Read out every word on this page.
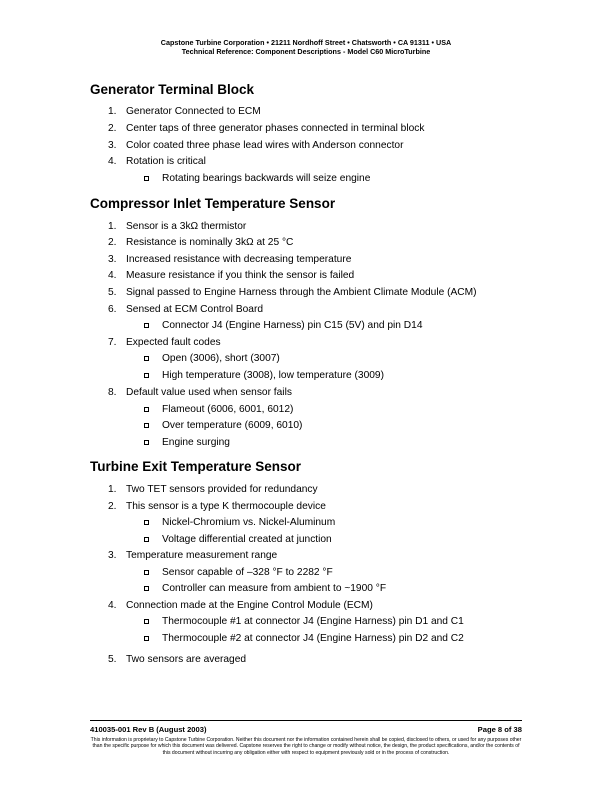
Capstone Turbine Corporation • 21211 Nordhoff Street • Chatsworth • CA 91311 • USA
Technical Reference: Component Descriptions - Model C60 MicroTurbine
Generator Terminal Block
1. Generator Connected to ECM
2. Center taps of three generator phases connected in terminal block
3. Color coated three phase lead wires with Anderson connector
4. Rotation is critical
Rotating bearings backwards will seize engine
Compressor Inlet Temperature Sensor
1. Sensor is a 3kΩ thermistor
2. Resistance is nominally 3kΩ at 25 °C
3. Increased resistance with decreasing temperature
4. Measure resistance if you think the sensor is failed
5. Signal passed to Engine Harness through the Ambient Climate Module (ACM)
6. Sensed at ECM Control Board
Connector J4 (Engine Harness) pin C15 (5V) and pin D14
7. Expected fault codes
Open (3006), short (3007)
High temperature (3008), low temperature (3009)
8. Default value used when sensor fails
Flameout (6006, 6001, 6012)
Over temperature (6009, 6010)
Engine surging
Turbine Exit Temperature Sensor
1. Two TET sensors provided for redundancy
2. This sensor is a type K thermocouple device
Nickel-Chromium vs. Nickel-Aluminum
Voltage differential created at junction
3. Temperature measurement range
Sensor capable of –328 °F to 2282 °F
Controller can measure from ambient to ~1900 °F
4. Connection made at the Engine Control Module (ECM)
Thermocouple #1 at connector J4 (Engine Harness) pin D1 and C1
Thermocouple #2 at connector J4 (Engine Harness) pin D2 and C2
5. Two sensors are averaged
410035-001 Rev B (August 2003)	Page 8 of 38
This information is proprietary to Capstone Turbine Corporation. Neither this document nor the information contained herein shall be copied, disclosed to others, or used for any purposes other than the specific purpose for which this document was delivered. Capstone reserves the right to change or modify without notice, the design, the product specifications, and/or the contents of this document without incurring any obligation either with respect to equipment previously sold or in the process of construction.
